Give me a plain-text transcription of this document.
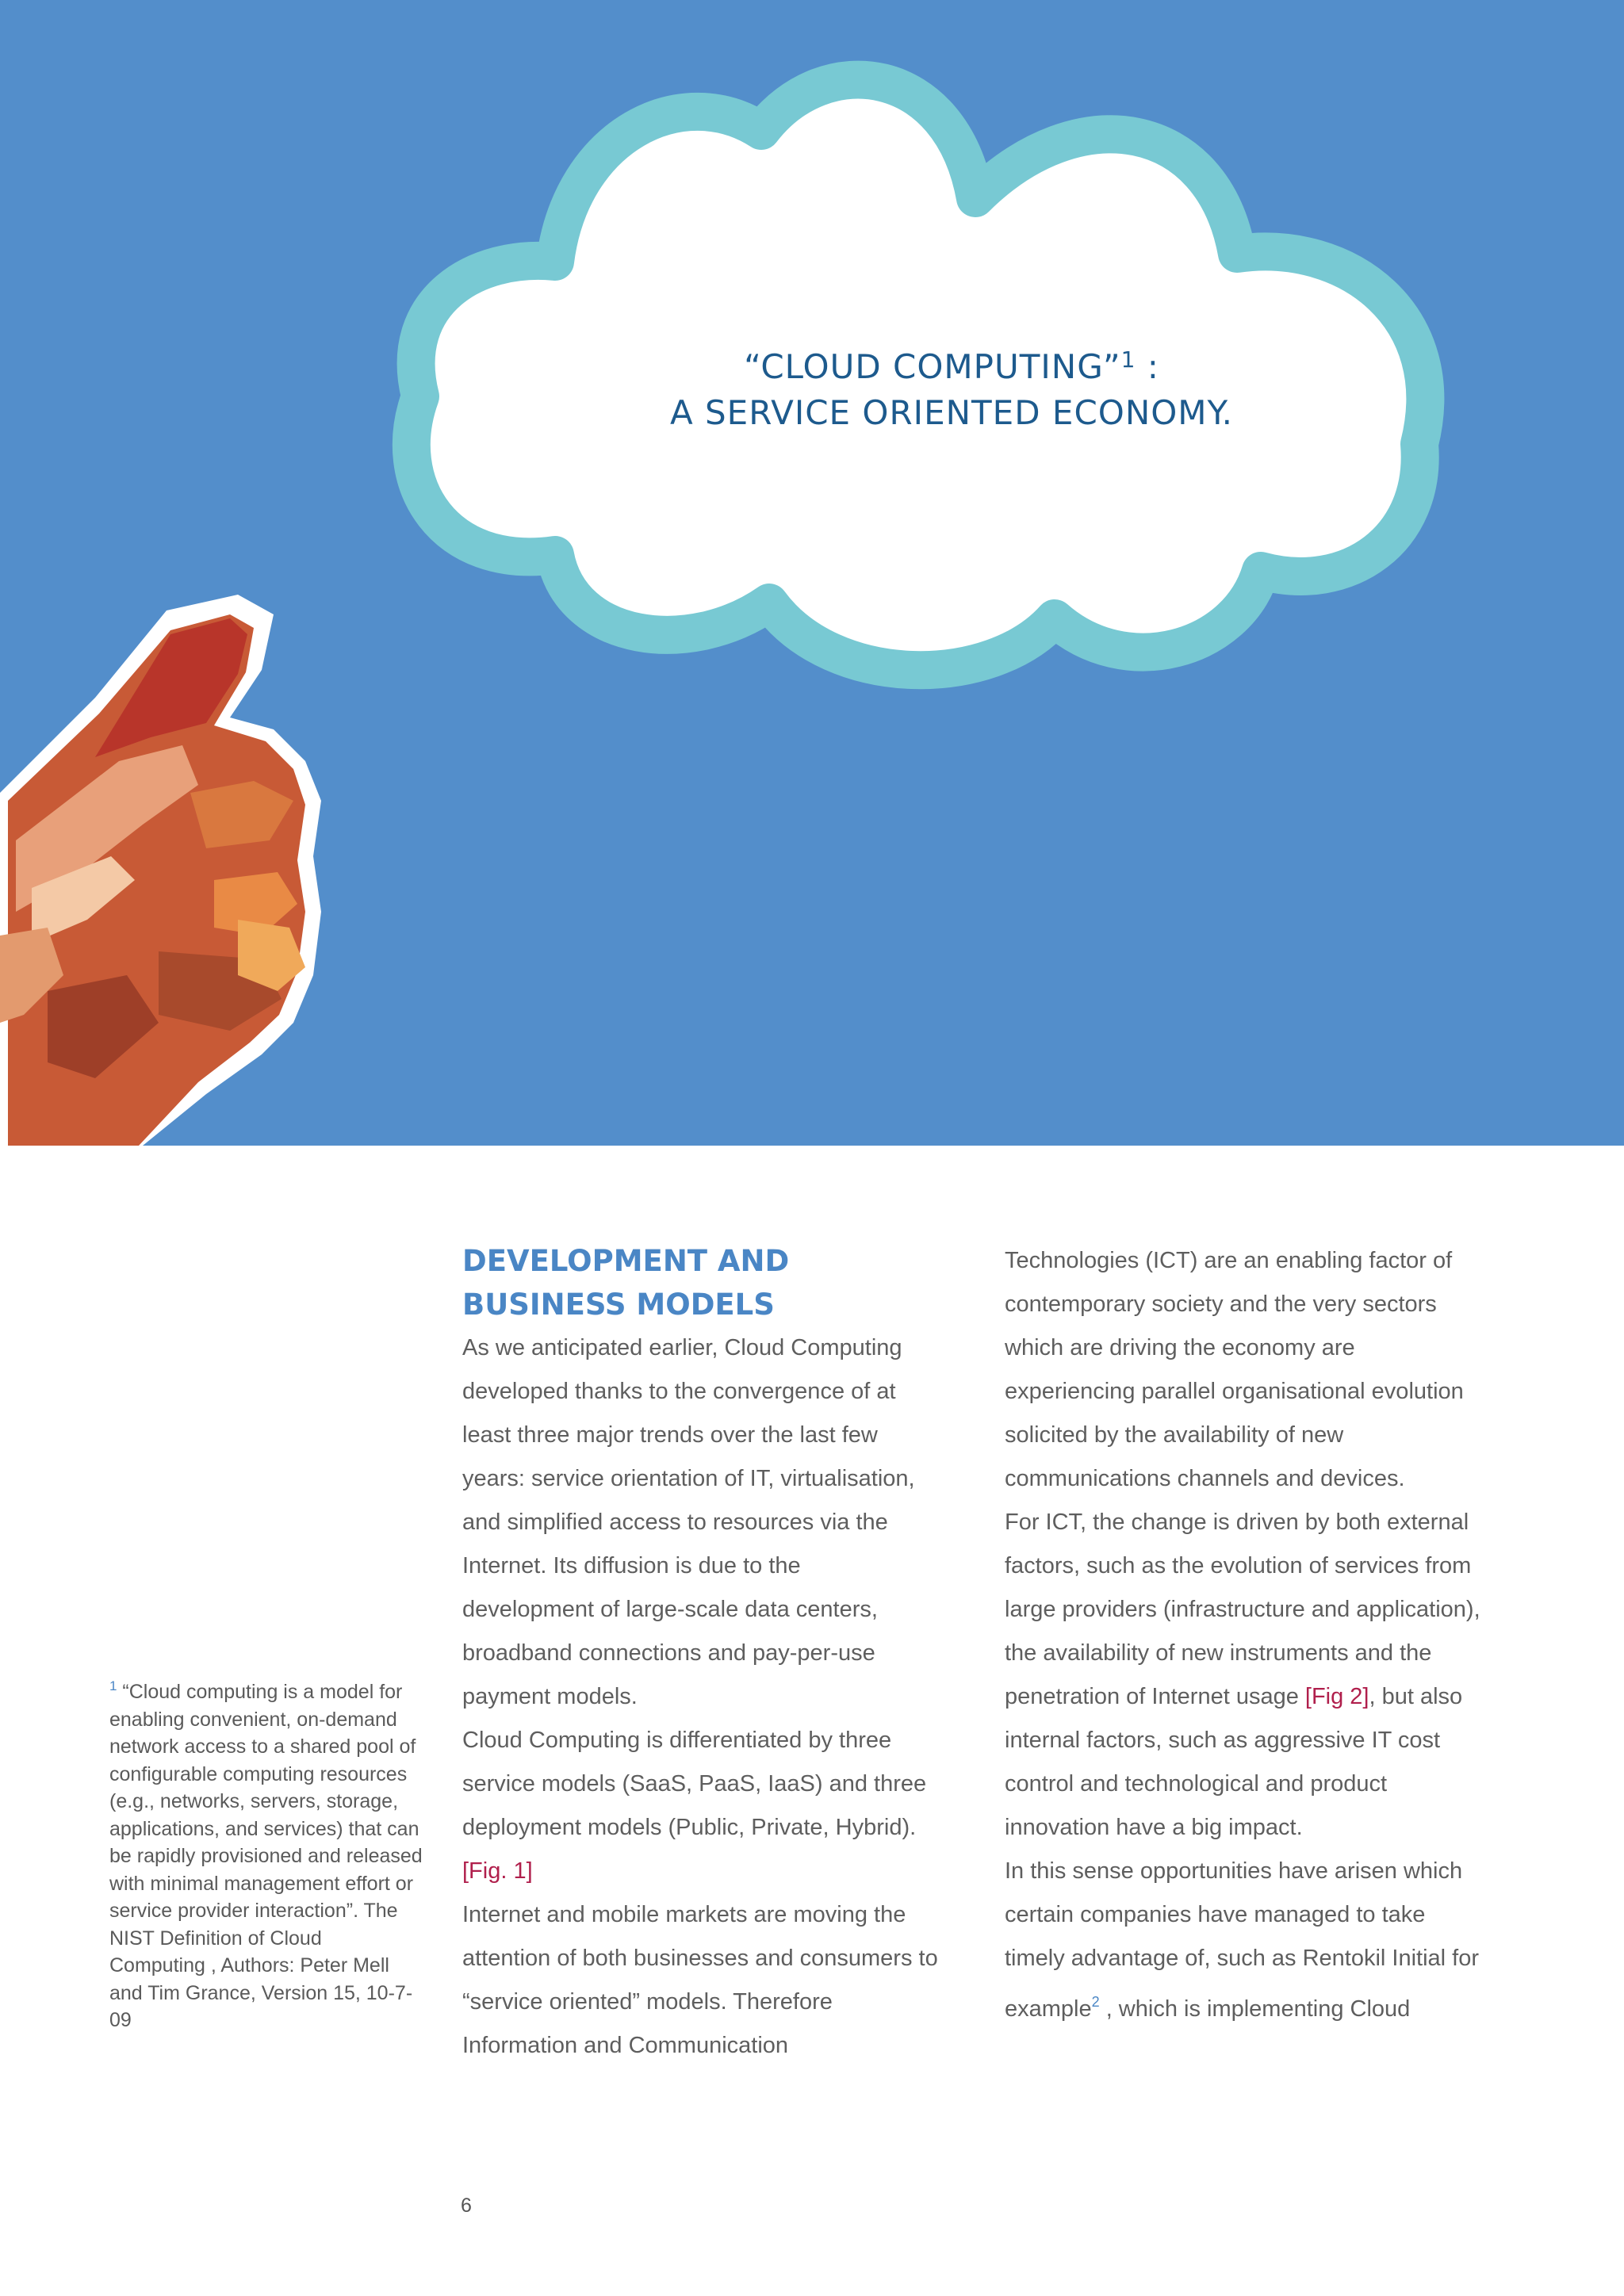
“CLOUD COMPUTING”$^1$ :
A SERVICE ORIENTED ECONOMY.
DEVELOPMENT AND
BUSINESS MODELS

As we anticipated earlier, Cloud Computing developed thanks to the convergence of at least three major trends over the last few years: service orientation of IT, virtualisation, and simplified access to resources via the Internet. Its diffusion is due to the development of large-scale data centers, broadband connections and pay-per-use payment models.

Cloud Computing is differentiated by three service models (SaaS, PaaS, IaaS) and three deployment models (Public, Private, Hybrid).  [Fig. 1]

Internet and mobile markets are moving the attention of both businesses and consumers to “service oriented” models. Therefore Information and Communication

Technologies (ICT) are an enabling factor of contemporary society and the very sectors which are driving the economy are experiencing parallel organisational evolution solicited by the availability of new communications channels and devices.

For ICT, the change is driven by both external factors, such as the evolution of services from large providers (infrastructure and application), the availability of new instruments and the penetration of Internet usage [Fig 2], but also internal factors, such as aggressive IT cost control and technological and product innovation have a big impact.

In this sense opportunities have arisen which certain companies have managed to take timely advantage of, such as Rentokil Initial for example$^2$ , which is implementing Cloud

$^1$ “Cloud computing is a model for enabling convenient, on-demand network access to a shared pool of configurable computing resources (e.g., networks, servers, storage, applications, and services) that can be rapidly provisioned and released with minimal management effort or service provider interaction”. The NIST Definition of Cloud Computing , Authors: Peter Mell and Tim Grance, Version 15, 10-7-09
6
